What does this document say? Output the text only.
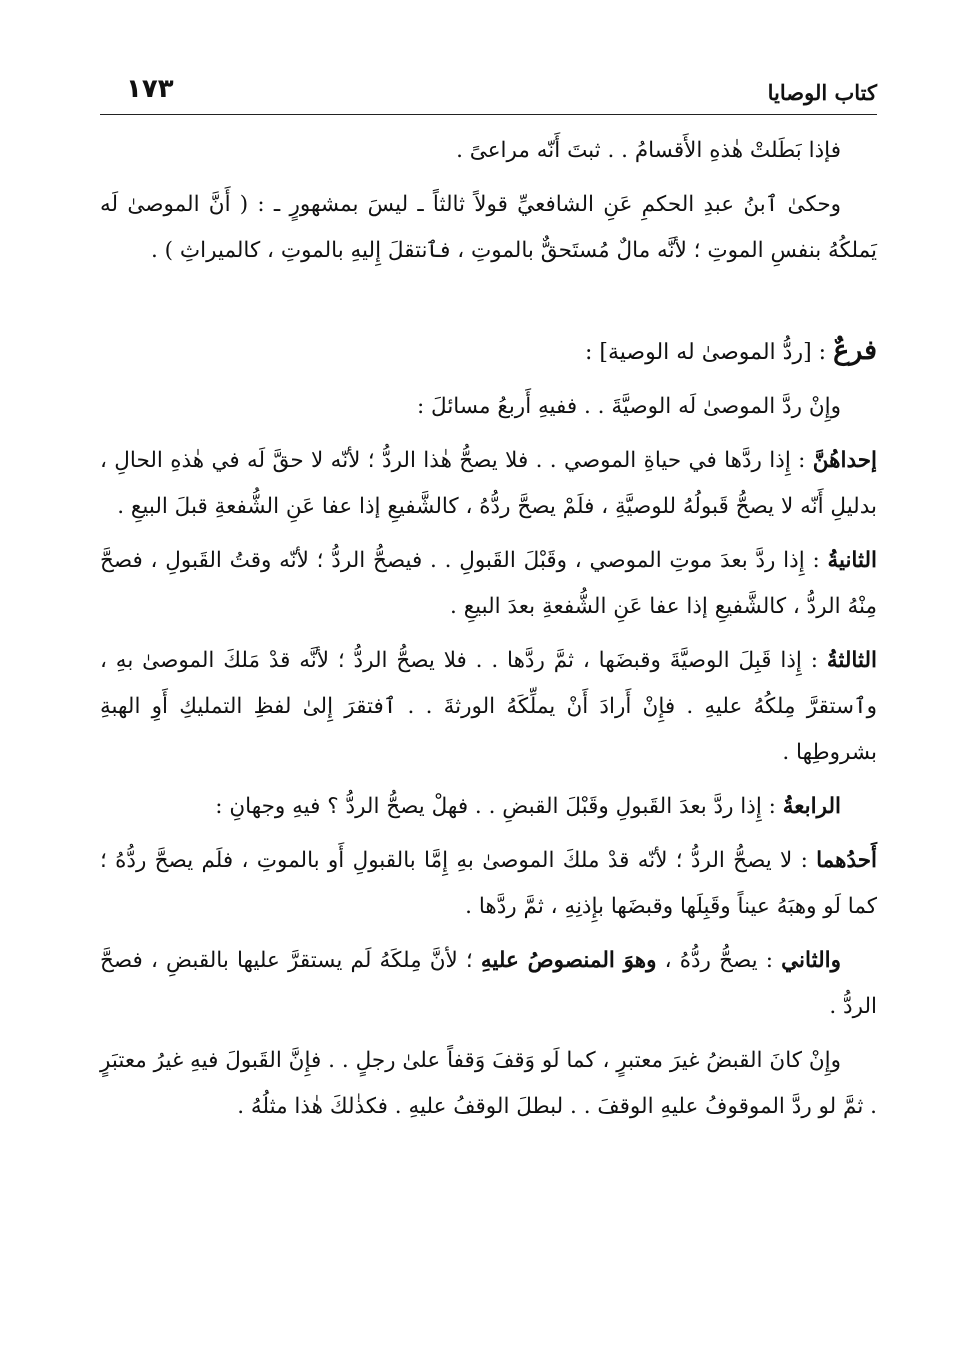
١٧٣	كتاب الوصايا

فإذا بَطَلتْ هٰذهِ الأَقسامُ . . ثبتَ أَنّه مراعىً .

وحكىٰ ٱبنُ عبدِ الحكمِ عَنِ الشافعيِّ قولاً ثالثاً ـ ليسَ بمشهورٍ ـ : ( أَنَّ الموصىٰ لَه يَملكُهُ بنفسِ الموتِ ؛ لأنَّه مالٌ مُستَحقٌّ بالموتِ ، فٱنتقلَ إِليهِ بالموتِ ، كالميراثِ ) .

فرعٌ : [ردُّ الموصىٰ له الوصية] :

وإِنْ ردَّ الموصىٰ لَه الوصيَّةَ . . ففيهِ أَربعُ مسائلَ :

إحداهُنَّ : إِذا ردَّها في حياةِ الموصي . . فلا يصحُّ هٰذا الردُّ ؛ لأنّه لا حقَّ لَه في هٰذهِ الحالِ ، بدليلِ أَنّه لا يصحُّ قَبولُهُ للوصيَّةِ ، فلَمْ يصحَّ ردُّهُ ، كالشَّفيعِ إذا عفا عَنِ الشُّفعةِ قبلَ البيعِ .

الثانيةُ : إِذا ردَّ بعدَ موتِ الموصي ، وقَبْلَ القَبولِ . . فيصحُّ الردُّ ؛ لأنّه وقتُ القَبولِ ، فصحَّ مِنْهُ الردُّ ، كالشَّفيعِ إذا عفا عَنِ الشُّفعةِ بعدَ البيعِ .

الثالثةُ : إِذا قَبِلَ الوصيَّةَ وقبضَها ، ثمَّ ردَّها . . فلا يصحُّ الردُّ ؛ لأنَّه قدْ مَلكَ الموصىٰ بهِ ، وٱستقرَّ مِلكُهُ عليهِ . فإِنْ أَرادَ أَنْ يملِّكَهُ الورثةَ . . ٱفتقرَ إِلىٰ لفظِ التمليكِ أَوِ الهبةِ بشروطِها .

الرابعةُ : إِذا ردَّ بعدَ القَبولِ وقَبْلَ القبضِ . . فهلْ يصحُّ الردُّ ؟ فيهِ وجهانِ :

أَحدُهما : لا يصحُّ الردُّ ؛ لأنّه قدْ ملكَ الموصىٰ بهِ إِمَّا بالقبولِ أَو بالموتِ ، فلَم يصحَّ ردُّهُ ؛ كما لَو وهبَهُ عيناً وقَبِلَها وقبضَها بإِذنِهِ ، ثمَّ ردَّها .

والثاني : يصحُّ ردُّهُ ، وهوَ المنصوصُ عليهِ ؛ لأنَّ مِلكَهُ لَم يستقرَّ عليها بالقبضِ ، فصحَّ الردُّ .

وإِنْ كانَ القبضُ غيرَ معتبرٍ ، كما لَو وَقفَ وَقفاً علىٰ رجلٍ . . فإِنَّ القَبولَ فيهِ غيرُ معتبَرٍ . ثمَّ لو ردَّ الموقوفُ عليهِ الوقفَ . . لبطلَ الوقفُ عليهِ . فكذٰلكَ هٰذا مثلُهُ .
